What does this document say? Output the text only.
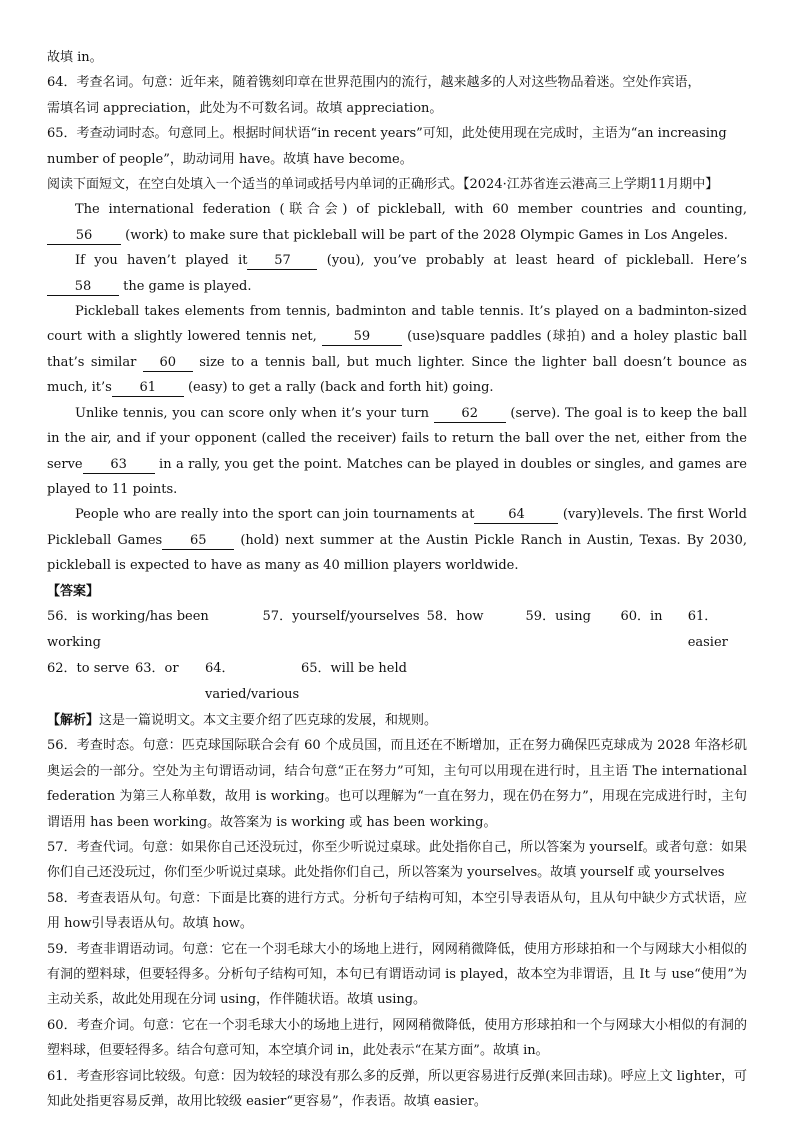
故填 in。

64．考查名词。句意：近年来，随着镌刻印章在世界范围内的流行，越来越多的人对这些物品着迷。空处作宾语，

需填名词 appreciation，此处为不可数名词。故填 appreciation。

65．考查动词时态。句意同上。根据时间状语“in recent years”可知，此处使用现在完成时，主语为“an increasing

number of people”，助动词用 have。故填 have become。

阅读下面短文，在空白处填入一个适当的单词或括号内单词的正确形式。【2024·江苏省连云港高三上学期11月期中】

The international federation (联合会) of pickleball, with 60 member countries and counting,56 (work) to make sure that pickleball will be part of the 2028 Olympic Games in Los Angeles.

If you haven’t played it 57 (you), you’ve probably at least heard of pickleball. Here’s58 the game is played.

Pickleball takes elements from tennis, badminton and table tennis. It’s played on a badminton-sized court with a slightly lowered tennis net, 59 (use)square paddles (球拍) and a holey plastic ball that’s similar 60 size to a tennis ball, but much lighter. Since the lighter ball doesn’t bounce as much, it’s 61 (easy) to get a rally (back and forth hit) going.

Unlike tennis, you can score only when it’s your turn 62 (serve). The goal is to keep the ball in the air, and if your opponent (called the receiver) fails to return the ball over the net, either from the serve 63 in a rally, you get the point. Matches can be played in doubles or singles, and games are played to 11 points.

People who are really into the sport can join tournaments at	64	(vary)levels. The first World Pickleball Games 65 (hold) next summer at the Austin Pickle Ranch in Austin, Texas. By 2030, pickleball is expected to have as many as 40 million players worldwide.

【答案】

56．is working/has been working
57．yourself/yourselves 58．how	59．using	60．in	61．easier
62．to serve 63．or	64．varied/various
65．will be held

【解析】这是一篇说明文。本文主要介绍了匹克球的发展，和规则。

56．考查时态。句意：匹克球国际联合会有 60 个成员国，而且还在不断增加，正在努力确保匹克球成为 2028 年洛杉矶奥运会的一部分。空处为主句谓语动词，结合句意“正在努力”可知，主句可以用现在进行时，且主语 The international federation 为第三人称单数，故用 is working。也可以理解为“一直在努力，现在仍在努力”，用现在完成进行时，主句谓语用 has been working。故答案为 is working 或 has been working。

57．考查代词。句意：如果你自己还没玩过，你至少听说过桌球。此处指你自己，所以答案为 yourself。或者句意：如果你们自己还没玩过，你们至少听说过桌球。此处指你们自己，所以答案为 yourselves。故填 yourself 或 yourselves

58．考查表语从句。句意：下面是比赛的进行方式。分析句子结构可知，本空引导表语从句，且从句中缺少方式状语，应用 how引导表语从句。故填 how。

59．考查非谓语动词。句意：它在一个羽毛球大小的场地上进行，网网稍微降低，使用方形球拍和一个与网球大小相似的有洞的塑料球，但要轻得多。分析句子结构可知，本句已有谓语动词 is played，故本空为非谓语，且 It 与 use“使用”为主动关系，故此处用现在分词 using，作伴随状语。故填 using。

60．考查介词。句意：它在一个羽毛球大小的场地上进行，网网稍微降低，使用方形球拍和一个与网球大小相似的有洞的塑料球，但要轻得多。结合句意可知，本空填介词 in，此处表示“在某方面”。故填 in。

61．考查形容词比较级。句意：因为较轻的球没有那么多的反弹，所以更容易进行反弹(来回击球)。呼应上文 lighter，可知此处指更容易反弹，故用比较级 easier“更容易”，作表语。故填 easier。
